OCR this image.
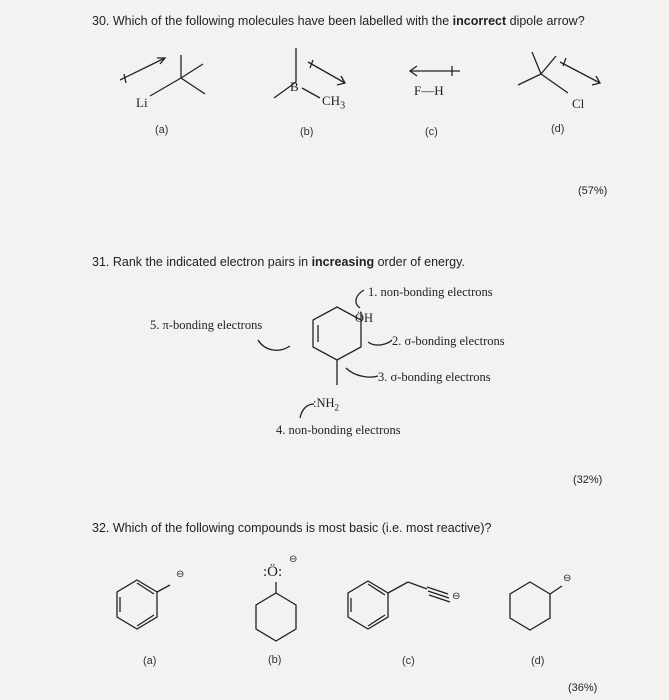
30. Which of the following molecules have been labelled with the incorrect dipole arrow?
Li
B
$CH_3$
F—H
Cl
(a)	(b)	(c)	(d)
(57%)
31. Rank the indicated electron pairs in increasing order of energy.
1. non-bonding electrons
ÖH
5. π-bonding electrons
2. σ-bonding electrons
3. σ-bonding electrons
$:NH_2$
4. non-bonding electrons
(32%)
32. Which of the following compounds is most basic (i.e. most reactive)?
⊖	:Ö:
⊖
⊖
⊖
(a)	(b)	(c)	(d)
(36%)
